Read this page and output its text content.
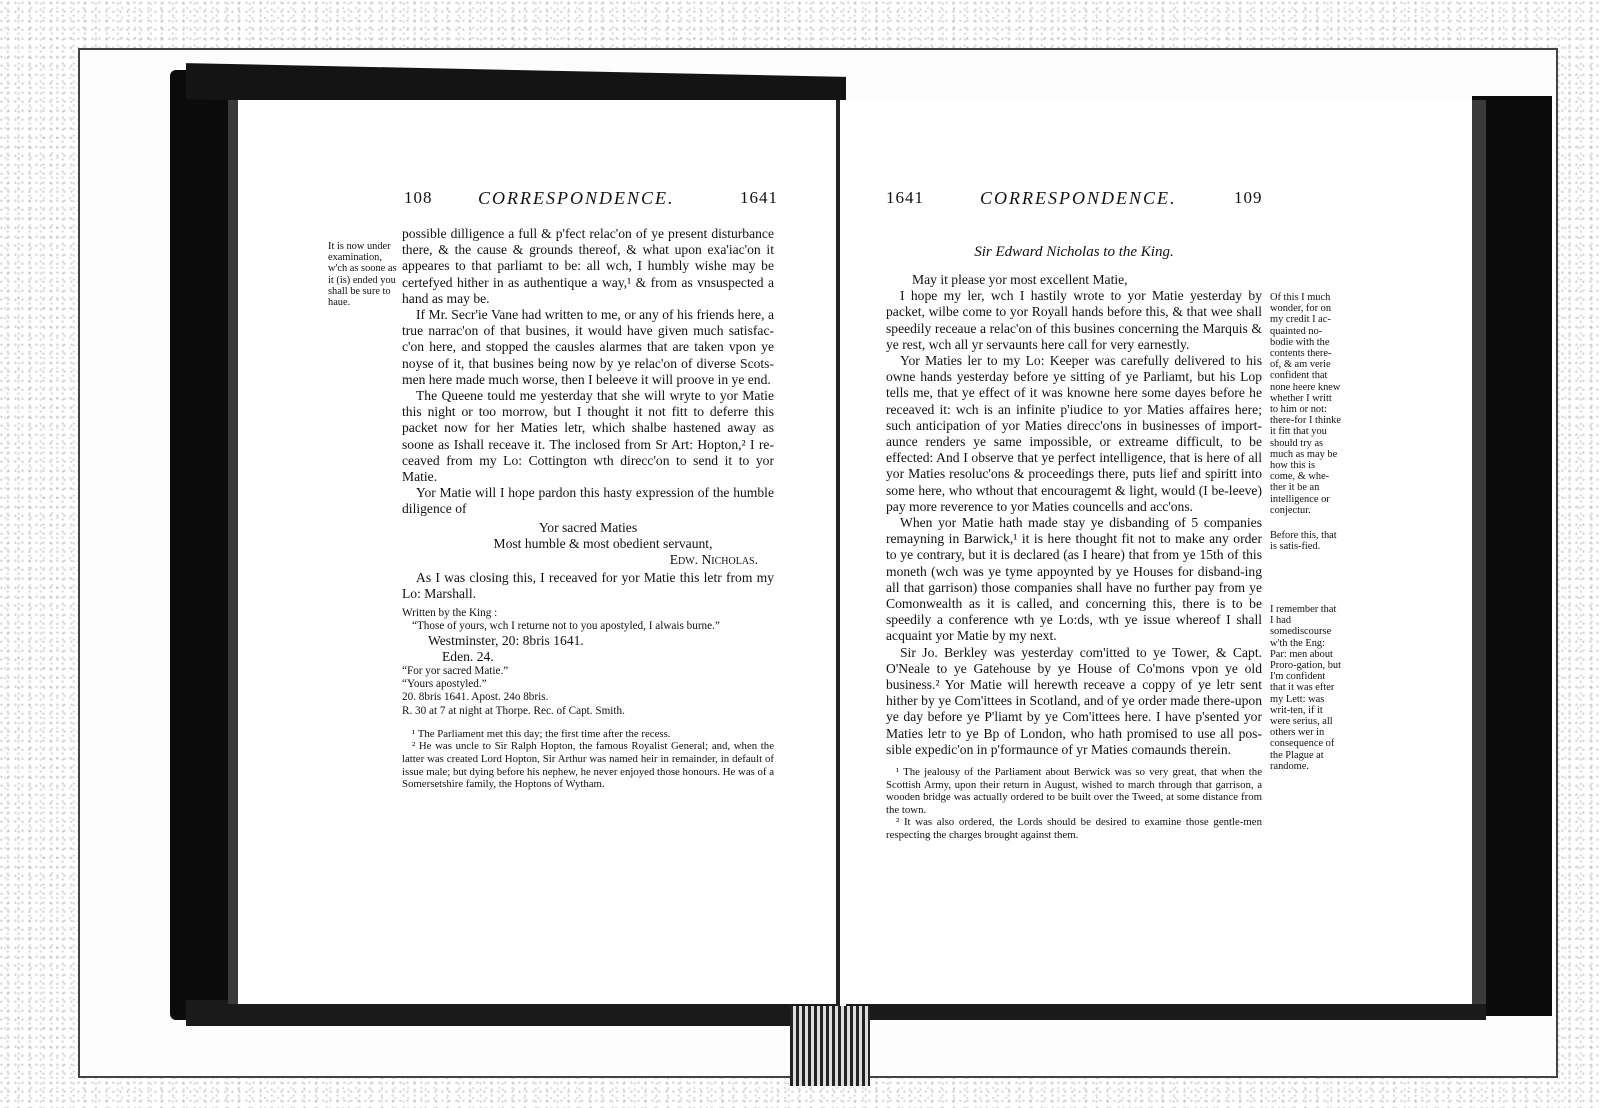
108	CORRESPONDENCE.	1641
It is now under examination, w'ch as soone as it (is) ended you shall be sure to haue.

possible dilligence a full & p'fect relac'on of ye present disturbance there, & the cause & grounds thereof, & what upon exa'iac'on it appeares to that parliamt to be: all wch, I humbly wishe may be certefyed hither in as authentique a way,¹ & from as vnsuspected a hand as may be.

If Mr. Secr'ie Vane had written to me, or any of his friends here, a true narrac'on of that busines, it would have given much satisfac-c'on here, and stopped the causles alarmes that are taken vpon ye noyse of it, that busines being now by ye relac'on of diverse Scots-men here made much worse, then I beleeve it will proove in ye end.

The Queene tould me yesterday that she will wryte to yor Matie this night or too morrow, but I thought it not fitt to deferre this packet now for her Maties letr, which shalbe hastened away as soone as Ishall receave it. The inclosed from Sr Art: Hopton,² I re-ceaved from my Lo: Cottington wth direcc'on to send it to yor Matie.

Yor Matie will I hope pardon this hasty expression of the humble diligence of

Yor sacred Maties

Most humble & most obedient servaunt,

Edw. Nicholas.

As I was closing this, I receaved for yor Matie this letr from my Lo: Marshall.

Written by the King :
“Those of yours, wch I returne not to you apostyled, I alwais burne.”
Westminster, 20: 8bris 1641.
Eden. 24.
“For yor sacred Matie.”
“Yours apostyled.”
20. 8bris 1641. Apost. 24o 8bris.
R. 30 at 7 at night at Thorpe. Rec. of Capt. Smith.

¹ The Parliament met this day; the first time after the recess.

² He was uncle to Sir Ralph Hopton, the famous Royalist General; and, when the latter was created Lord Hopton, Sir Arthur was named heir in remainder, in default of issue male; but dying before his nephew, he never enjoyed those honours. He was of a Somersetshire family, the Hoptons of Wytham.

1641	CORRESPONDENCE.	109
Sir Edward Nicholas to the King.

May it please yor most excellent Matie,

I hope my ler, wch I hastily wrote to yor Matie yesterday by packet, wilbe come to yor Royall hands before this, & that wee shall speedily receaue a relac'on of this busines concerning the Marquis & ye rest, wch all yr servaunts here call for very earnestly.

Yor Maties ler to my Lo: Keeper was carefully delivered to his owne hands yesterday before ye sitting of ye Parliamt, but his Lop tells me, that ye effect of it was knowne here some dayes before he receaved it: wch is an infinite p'iudice to yor Maties affaires here; such anticipation of yor Maties direcc'ons in businesses of import-aunce renders ye same impossible, or extreame difficult, to be effected: And I observe that ye perfect intelligence, that is here of all yor Maties resoluc'ons & proceedings there, puts lief and spiritt into some here, who wthout that encouragemt & light, would (I be-leeve) pay more reverence to yor Maties councells and acc'ons.

When yor Matie hath made stay ye disbanding of 5 companies remayning in Barwick,¹ it is here thought fit not to make any order to ye contrary, but it is declared (as I heare) that from ye 15th of this moneth (wch was ye tyme appoynted by ye Houses for disband-ing all that garrison) those companies shall have no further pay from ye Comonwealth as it is called, and concerning this, there is to be speedily a conference wth ye Lo:ds, wth ye issue whereof I shall acquaint yor Matie by my next.

Sir Jo. Berkley was yesterday com'itted to ye Tower, & Capt. O'Neale to ye Gatehouse by ye House of Co'mons vpon ye old business.² Yor Matie will herewth receave a coppy of ye letr sent hither by ye Com'ittees in Scotland, and of ye order made there-upon ye day before ye P'liamt by ye Com'ittees here. I have p'sented yor Maties letr to ye Bp of London, who hath promised to use all pos-sible expedic'on in p'formaunce of yr Maties comaunds therein.

¹ The jealousy of the Parliament about Berwick was so very great, that when the Scottish Army, upon their return in August, wished to march through that garrison, a wooden bridge was actually ordered to be built over the Tweed, at some distance from the town.

² It was also ordered, the Lords should be desired to examine those gentle-men respecting the charges brought against them.

Of this I much wonder, for on my credit I ac-quainted no-bodie with the contents there-of, & am verie confident that none heere knew whether I writt to him or not: there-for I thinke it fitt that you should try as much as may be how this is come, & whe-ther it be an intelligence or conjectur.
Before this, that is satis-fied.
I remember that I had somediscourse w'th the Eng: Par: men about Proro-gation, but I'm confident that it was efter my Lett: was writ-ten, if it were serius, all others wer in consequence of the Plague at randome.
